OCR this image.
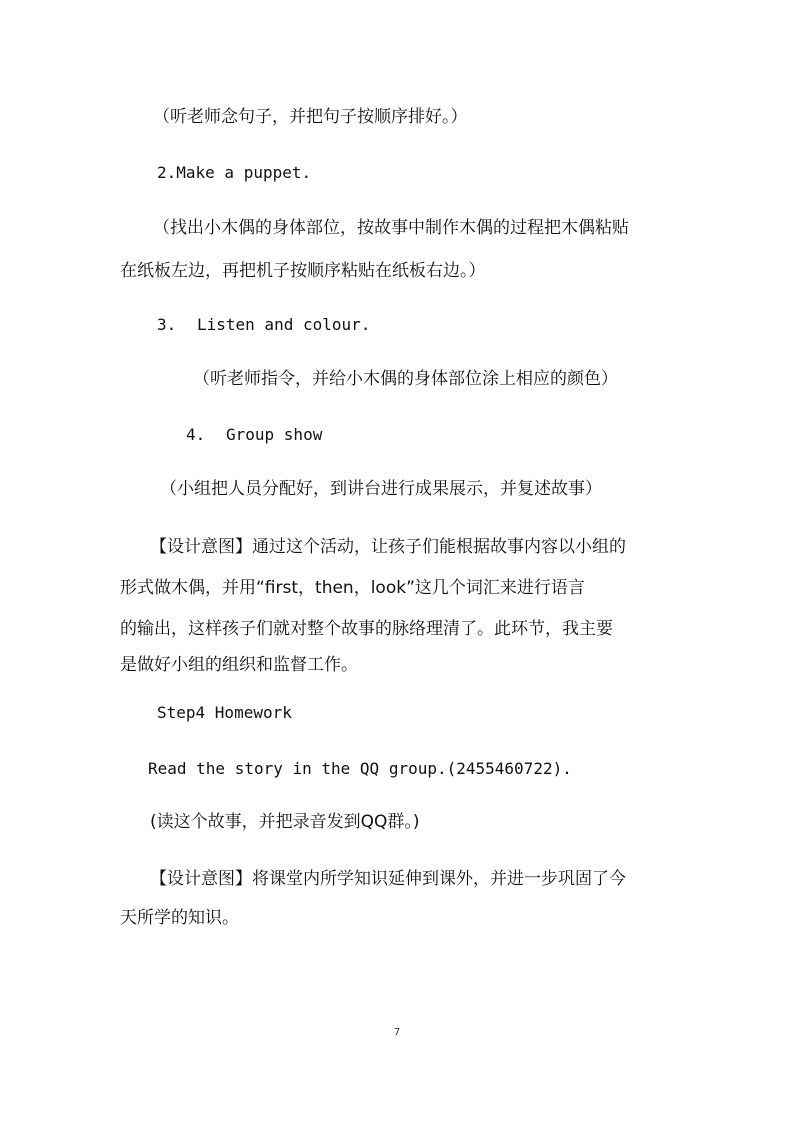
（听老师念句子，并把句子按顺序排好。）
2.Make a puppet.
（找出小木偶的身体部位，按故事中制作木偶的过程把木偶粘贴
在纸板左边，再把机子按顺序粘贴在纸板右边。）
3. Listen and colour.
（听老师指令，并给小木偶的身体部位涂上相应的颜色）
4. Group show
（小组把人员分配好，到讲台进行成果展示，并复述故事）
【设计意图】通过这个活动，让孩子们能根据故事内容以小组的
形式做木偶，并用“first，then，look”这几个词汇来进行语言
的输出，这样孩子们就对整个故事的脉络理清了。此环节，我主要
是做好小组的组织和监督工作。
Step4 Homework
Read the story in the QQ group.(2455460722).
(读这个故事，并把录音发到QQ群。)
【设计意图】将课堂内所学知识延伸到课外，并进一步巩固了今
天所学的知识。
7
